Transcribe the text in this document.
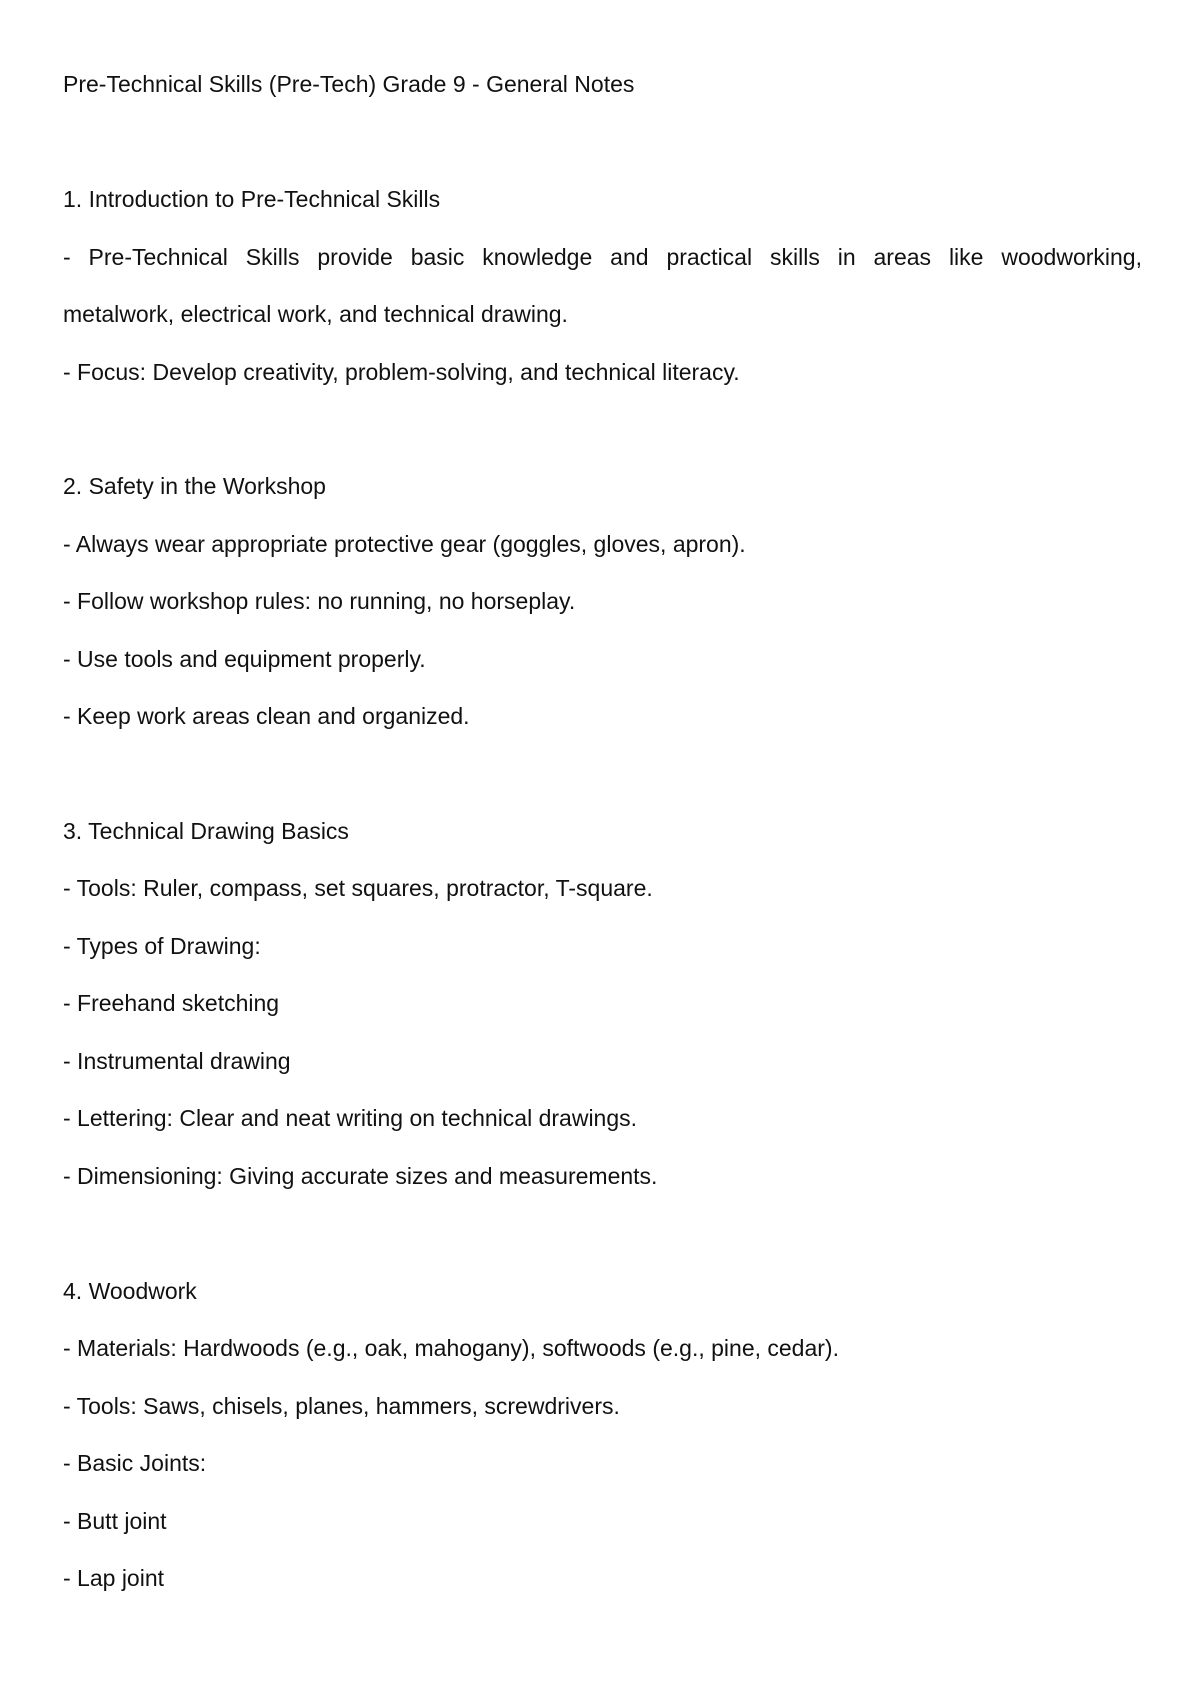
Pre-Technical Skills (Pre-Tech) Grade 9 - General Notes

1. Introduction to Pre-Technical Skills

- Pre-Technical Skills provide basic knowledge and practical skills in areas like woodworking,

metalwork, electrical work, and technical drawing.

- Focus: Develop creativity, problem-solving, and technical literacy.

2. Safety in the Workshop

- Always wear appropriate protective gear (goggles, gloves, apron).

- Follow workshop rules: no running, no horseplay.

- Use tools and equipment properly.

- Keep work areas clean and organized.

3. Technical Drawing Basics

- Tools: Ruler, compass, set squares, protractor, T-square.

- Types of Drawing:

- Freehand sketching

- Instrumental drawing

- Lettering: Clear and neat writing on technical drawings.

- Dimensioning: Giving accurate sizes and measurements.

4. Woodwork

- Materials: Hardwoods (e.g., oak, mahogany), softwoods (e.g., pine, cedar).

- Tools: Saws, chisels, planes, hammers, screwdrivers.

- Basic Joints:

- Butt joint

- Lap joint
